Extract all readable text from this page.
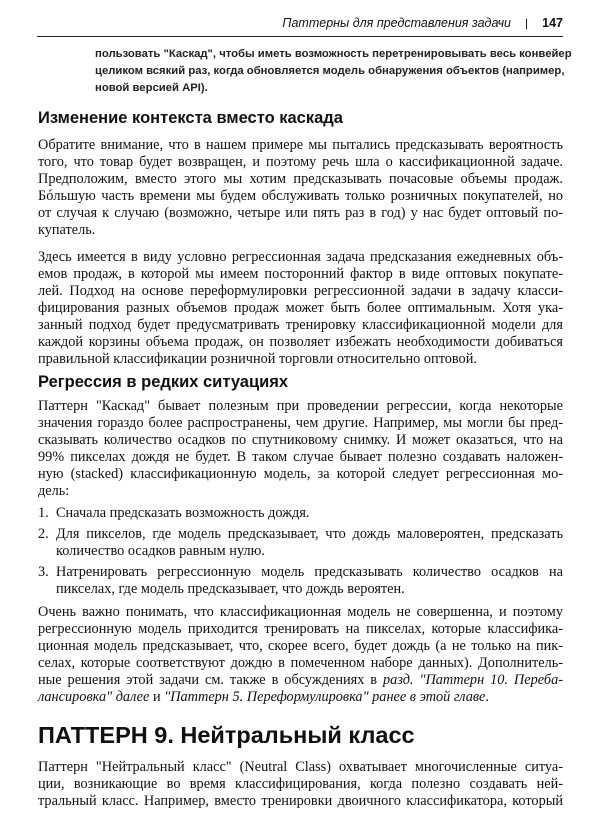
Паттерны для представления задачи | 147
пользовать "Каскад", чтобы иметь возможность перетренировывать весь конвейер
целиком всякий раз, когда обновляется модель обнаружения объектов (например,
новой версией API).
Изменение контекста вместо каскада
Обратите внимание, что в нашем примере мы пытались предсказывать вероятность
того, что товар будет возвращен, и поэтому речь шла о кассификационной задаче.
Предположим, вместо этого мы хотим предсказывать почасовые объемы продаж.
Бóльшую часть времени мы будем обслуживать только розничных покупателей, но
от случая к случаю (возможно, четыре или пять раз в год) у нас будет оптовый по-
купатель.
Здесь имеется в виду условно регрессионная задача предсказания ежедневных объ-
емов продаж, в которой мы имеем посторонний фактор в виде оптовых покупате-
лей. Подход на основе переформулировки регрессионной задачи в задачу класси-
фицирования разных объемов продаж может быть более оптимальным. Хотя ука-
занный подход будет предусматривать тренировку классификационной модели для
каждой корзины объема продаж, он позволяет избежать необходимости добиваться
правильной классификации розничной торговли относительно оптовой.
Регрессия в редких ситуациях
Паттерн "Каскад" бывает полезным при проведении регрессии, когда некоторые
значения гораздо более распространены, чем другие. Например, мы могли бы пред-
сказывать количество осадков по спутниковому снимку. И может оказаться, что на
99% пикселах дождя не будет. В таком случае бывает полезно создавать наложен-
ную (stacked) классификационную модель, за которой следует регрессионная мо-
дель:
1. Сначала предсказать возможность дождя.
2. Для пикселов, где модель предсказывает, что дождь маловероятен, предсказать
количество осадков равным нулю.
3. Натренировать регрессионную модель предсказывать количество осадков на
пикселах, где модель предсказывает, что дождь вероятен.
Очень важно понимать, что классификационная модель не совершенна, и поэтому
регрессионную модель приходится тренировать на пикселах, которые классифика-
ционная модель предсказывает, что, скорее всего, будет дождь (а не только на пик-
селах, которые соответствуют дождю в помеченном наборе данных). Дополнитель-
ные решения этой задачи см. также в обсуждениях в разд. "Паттерн 10. Переба-
лансировка" далее и "Паттерн 5. Переформулировка" ранее в этой главе.
ПАТТЕРН 9. Нейтральный класс
Паттерн "Нейтральный класс" (Neutral Class) охватывает многочисленные ситуа-
ции, возникающие во время классифицирования, когда полезно создавать ней-
тральный класс. Например, вместо тренировки двоичного классификатора, который
